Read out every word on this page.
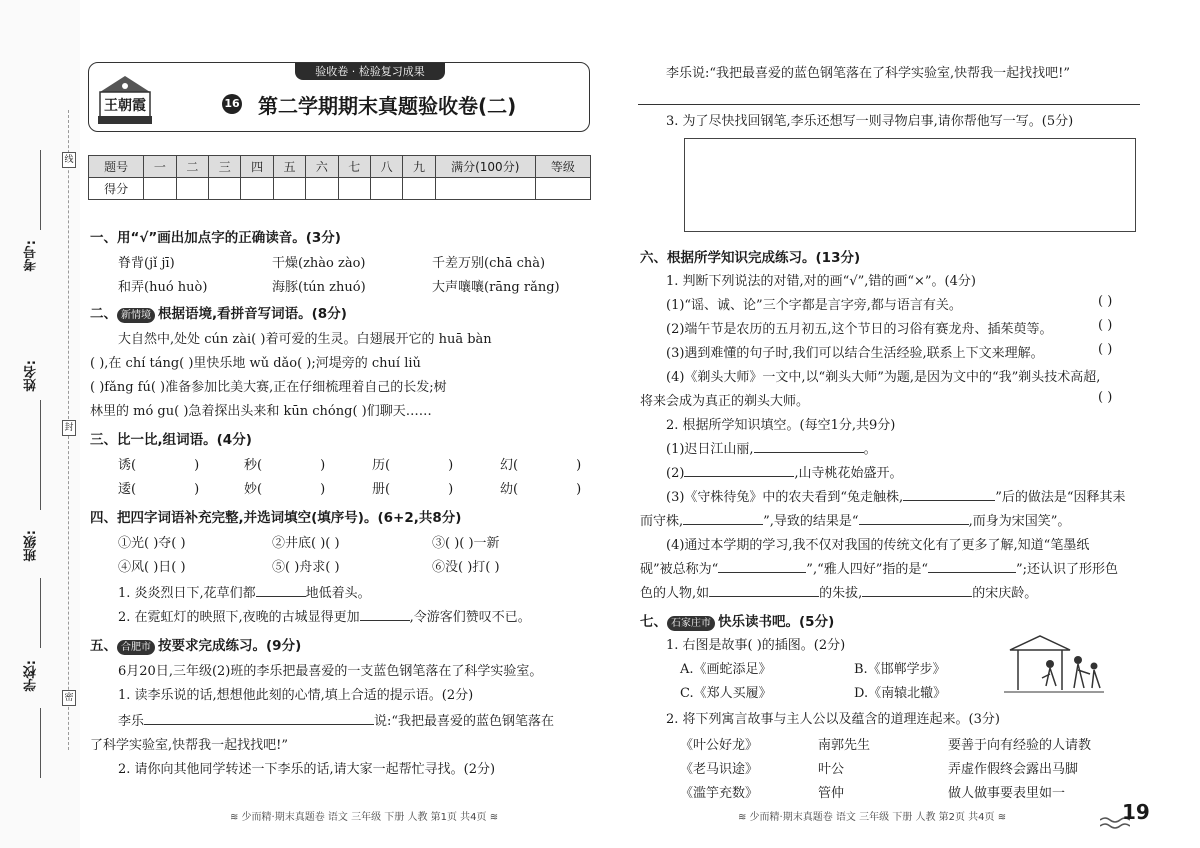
考号:
姓名:
班级:
学校:
线
封
密
验收卷 · 检验复习成果
王朝霞	16 第二学期期末真题验收卷(二)
题号	一	二	三	四	五	六	七	八	九	满分(100分)	等级
得分											
一、用“√”画出加点字的正确读音。(3分)
脊背(jǐ jī)	干燥(zhào zào)	千差万别(chā chà)
和弄(huó huò)	海豚(tún zhuó)	大声嚷嚷(rāng rǎng)
二、 新情境 根据语境,看拼音写词语。(8分)
大自然中,处处 cún zài( )着可爱的生灵。白翅展开它的 huā bàn
( ),在 chí táng( )里快乐地 wǔ dǎo( );河堤旁的 chuí liǔ
( )fǎng fú( )准备参加比美大赛,正在仔细梳理着自己的长发;树
林里的 mó gu( )急着探出头来和 kūn chóng( )们聊天……
三、比一比,组词语。(4分)
诱(	)	秒(	)	历(	)	幻(	)
逶(	)	妙(	)	册(	)	幼(	)
四、把四字词语补充完整,并选词填空(填序号)。(6+2,共8分)
①光( )夺( )	②井底( )( )	③( )( )一新
④风( )日( )	⑤( )舟求( )	⑥没( )打( )
1. 炎炎烈日下,花草们都	地低着头。
2. 在霓虹灯的映照下,夜晚的古城显得更加	,令游客们赞叹不已。
五、 合肥市 按要求完成练习。(9分)
6月20日,三年级(2)班的李乐把最喜爱的一支蓝色钢笔落在了科学实验室。
1. 读李乐说的话,想想他此刻的心情,填上合适的提示语。(2分)
李乐	说:“我把最喜爱的蓝色钢笔落在
了科学实验室,快帮我一起找找吧!”
2. 请你向其他同学转述一下李乐的话,请大家一起帮忙寻找。(2分)
≋ 少而精·期末真题卷 语文 三年级 下册 人教 第1页 共4页 ≋
李乐说:“我把最喜爱的蓝色钢笔落在了科学实验室,快帮我一起找找吧!”
3. 为了尽快找回钢笔,李乐还想写一则寻物启事,请你帮他写一写。(5分)
六、根据所学知识完成练习。(13分)
1. 判断下列说法的对错,对的画“√”,错的画“×”。(4分)
(1)“谣、诚、论”三个字都是言字旁,都与语言有关。	( )
(2)端午节是农历的五月初五,这个节日的习俗有赛龙舟、插茱萸等。	( )
(3)遇到难懂的句子时,我们可以结合生活经验,联系上下文来理解。	( )
(4)《剃头大师》一文中,以“剃头大师”为题,是因为文中的“我”剃头技术高超,
将来会成为真正的剃头大师。	( )
2. 根据所学知识填空。(每空1分,共9分)
(1)迟日江山丽,	。
(2)	,山寺桃花始盛开。
(3)《守株待兔》中的农夫看到“兔走触株,	”后的做法是“因释其耒
而守株,	”,导致的结果是“	,而身为宋国笑”。
(4)通过本学期的学习,我不仅对我国的传统文化有了更多了解,知道“笔墨纸
砚”被总称为“	”,“雅人四好”指的是“	”;还认识了形形色
色的人物,如	的朱拔,	的宋庆龄。
七、 石家庄市 快乐读书吧。(5分)
1. 右图是故事( )的插图。(2分)
A.《画蛇添足》	B.《邯郸学步》
C.《郑人买履》	D.《南辕北辙》
2. 将下列寓言故事与主人公以及蕴含的道理连起来。(3分)
《叶公好龙》	南郭先生	要善于向有经验的人请教
《老马识途》	叶公	弄虚作假终会露出马脚
《滥竽充数》	管仲	做人做事要表里如一
≋ 少而精·期末真题卷 语文 三年级 下册 人教 第2页 共4页 ≋	19
